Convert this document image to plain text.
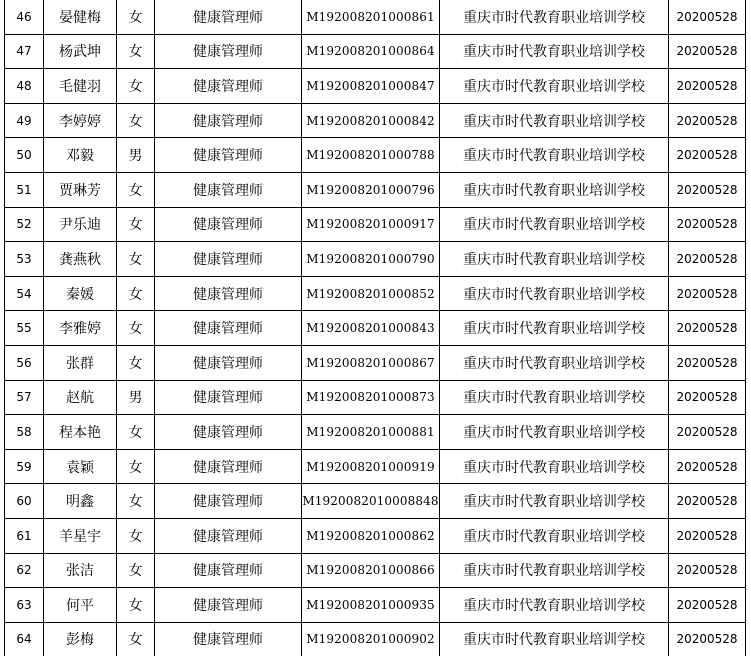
46	晏健梅	女	健康管理师	M192008201000861	重庆市时代教育职业培训学校	20200528
47	杨武坤	女	健康管理师	M192008201000864	重庆市时代教育职业培训学校	20200528
48	毛健羽	女	健康管理师	M192008201000847	重庆市时代教育职业培训学校	20200528
49	李婷婷	女	健康管理师	M192008201000842	重庆市时代教育职业培训学校	20200528
50	邓毅	男	健康管理师	M192008201000788	重庆市时代教育职业培训学校	20200528
51	贾琳芳	女	健康管理师	M192008201000796	重庆市时代教育职业培训学校	20200528
52	尹乐迪	女	健康管理师	M192008201000917	重庆市时代教育职业培训学校	20200528
53	龚燕秋	女	健康管理师	M192008201000790	重庆市时代教育职业培训学校	20200528
54	秦媛	女	健康管理师	M192008201000852	重庆市时代教育职业培训学校	20200528
55	李雅婷	女	健康管理师	M192008201000843	重庆市时代教育职业培训学校	20200528
56	张群	女	健康管理师	M192008201000867	重庆市时代教育职业培训学校	20200528
57	赵航	男	健康管理师	M192008201000873	重庆市时代教育职业培训学校	20200528
58	程本艳	女	健康管理师	M192008201000881	重庆市时代教育职业培训学校	20200528
59	袁颖	女	健康管理师	M192008201000919	重庆市时代教育职业培训学校	20200528
60	明鑫	女	健康管理师	M1920082010008848	重庆市时代教育职业培训学校	20200528
61	羊星宇	女	健康管理师	M192008201000862	重庆市时代教育职业培训学校	20200528
62	张洁	女	健康管理师	M192008201000866	重庆市时代教育职业培训学校	20200528
63	何平	女	健康管理师	M192008201000935	重庆市时代教育职业培训学校	20200528
64	彭梅	女	健康管理师	M192008201000902	重庆市时代教育职业培训学校	20200528
